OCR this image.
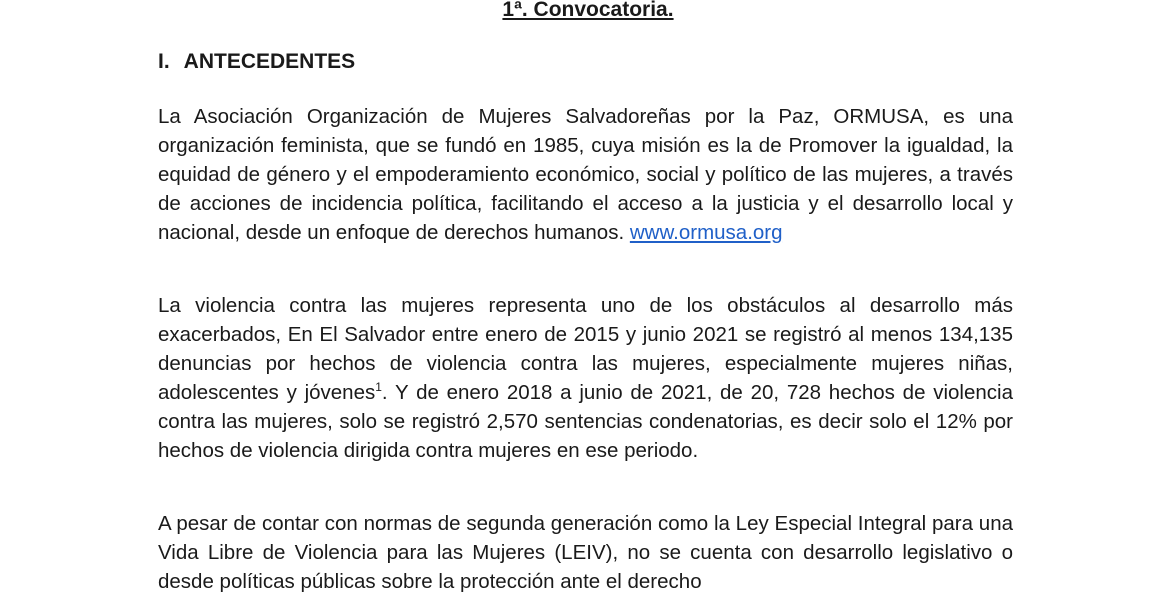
1ª. Convocatoria.
I. ANTECEDENTES

La Asociación Organización de Mujeres Salvadoreñas por la Paz, ORMUSA, es una organización feminista, que se fundó en 1985, cuya misión es la de Promover la igualdad, la equidad de género y el empoderamiento económico, social y político de las mujeres, a través de acciones de incidencia política, facilitando el acceso a la justicia y el desarrollo local y nacional, desde un enfoque de derechos humanos. www.ormusa.org

La violencia contra las mujeres representa uno de los obstáculos al desarrollo más exacerbados, En El Salvador entre enero de 2015 y junio 2021 se registró al menos 134,135 denuncias por hechos de violencia contra las mujeres, especialmente mujeres niñas, adolescentes y jóvenes$^1$. Y de enero 2018 a junio de 2021, de 20, 728 hechos de violencia contra las mujeres, solo se registró 2,570 sentencias condenatorias, es decir solo el 12% por hechos de violencia dirigida contra mujeres en ese periodo.

A pesar de contar con normas de segunda generación como la Ley Especial Integral para una Vida Libre de Violencia para las Mujeres (LEIV), no se cuenta con desarrollo legislativo o desde políticas públicas sobre la protección ante el derecho
